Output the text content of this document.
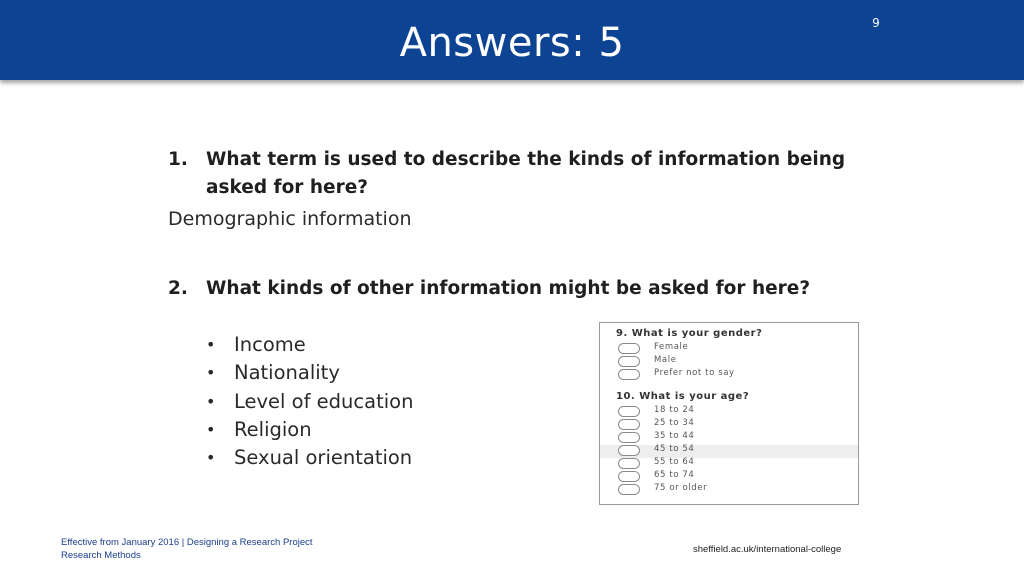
Answers: 5	9
1. What term is used to describe the kinds of information being asked for here?
Demographic information
2. What kinds of other information might be asked for here?
• Income
• Nationality
• Level of education
• Religion
• Sexual orientation
9. What is your gender?
Female
Male
Prefer not to say
10. What is your age?
18 to 24
25 to 34
35 to 44
45 to 54
55 to 64
65 to 74
75 or older
Effective from January 2016 | Designing a Research Project
Research Methods	sheffield.ac.uk/international-college
